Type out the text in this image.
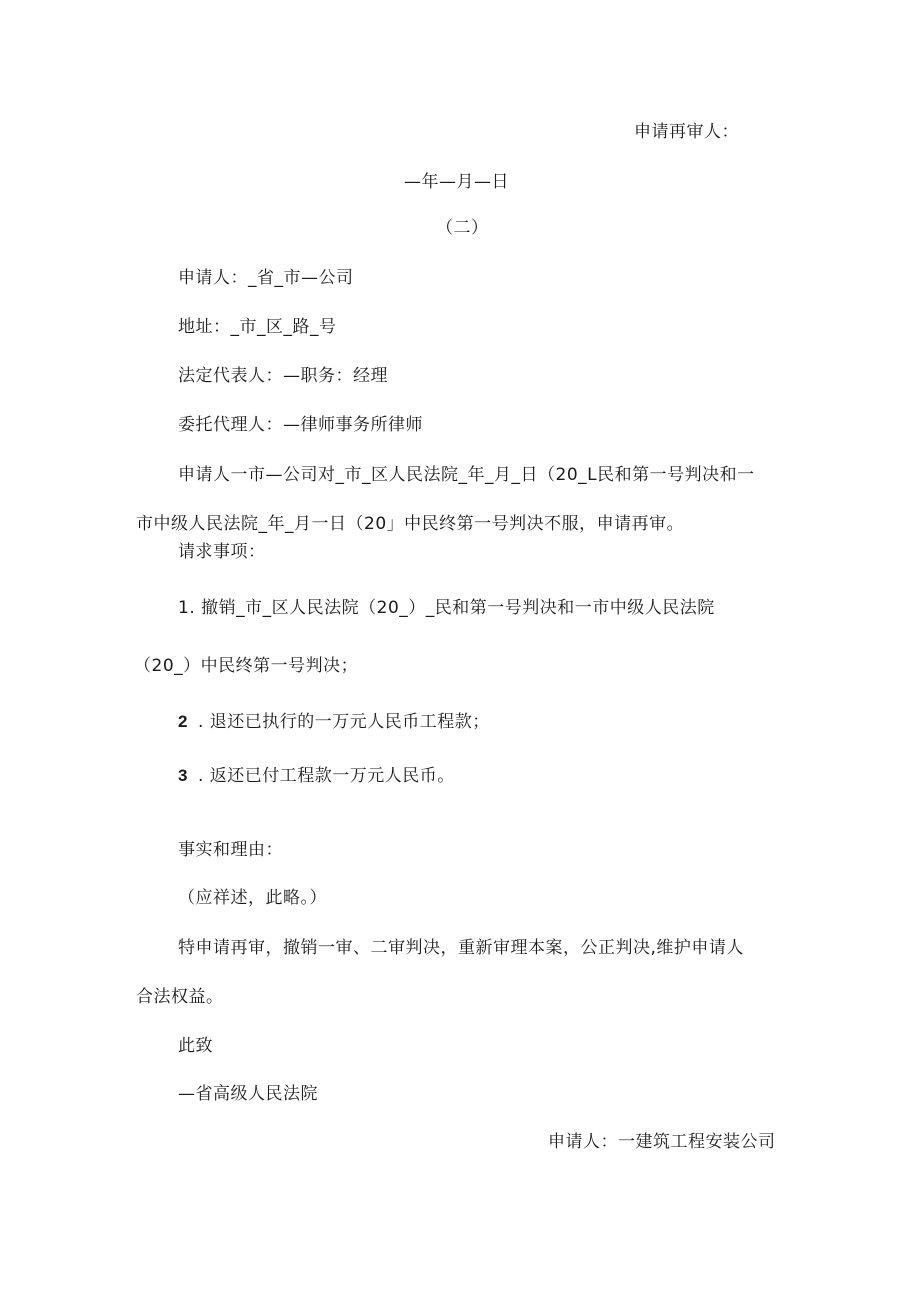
申请再审人：
—年—月—日
（二）
申请人：_省_市—公司
地址：_市_区_路_号
法定代表人：—职务：经理
委托代理人：—律师事务所律师
申请人一市—公司对_市_区人民法院_年_月_日（20_L民和第一号判决和一
市中级人民法院_年_月一日（20」中民终第一号判决不服，申请再审。
请求事项：
1. 撤销_市_区人民法院（20_）_民和第一号判决和一市中级人民法院
（20_）中民终第一号判决；
2 . 退还已执行的一万元人民币工程款；
3 . 返还已付工程款一万元人民币。
事实和理由：
（应祥述，此略。）
特申请再审，撤销一审、二审判决，重新审理本案，公正判决,维护申请人
合法权益。
此致
—省高级人民法院
申请人：一建筑工程安装公司
